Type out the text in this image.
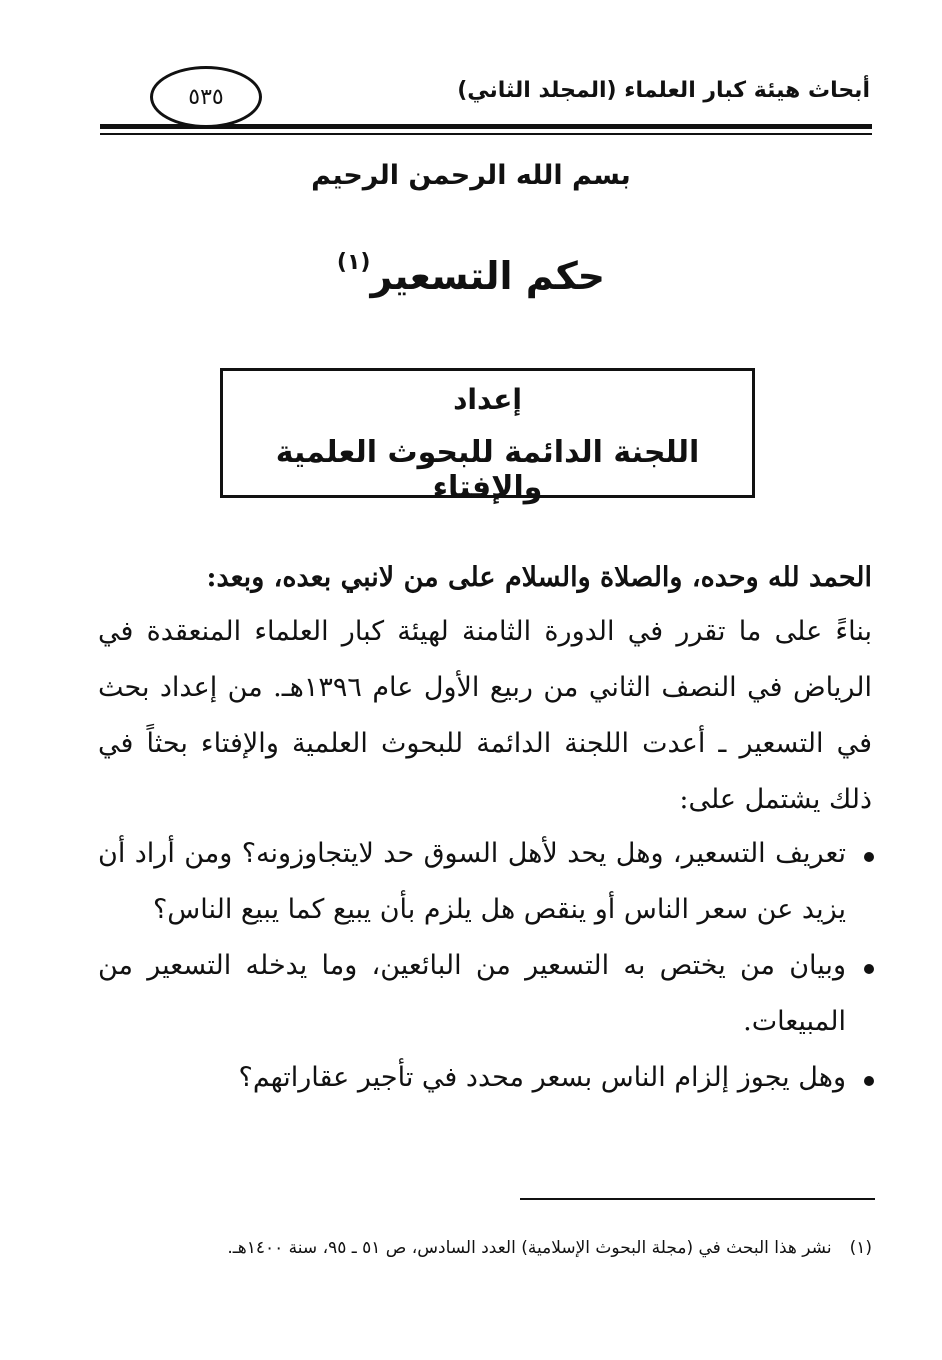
أبحاث هيئة كبار العلماء (المجلد الثاني)
٥٣٥
بسم الله الرحمن الرحيم
حكم التسعير$^{(١)}$
إعداد
اللجنة الدائمة للبحوث العلمية والإفتاء
الحمد لله وحده، والصلاة والسلام على من لانبي بعده، وبعد:
بناءً على ما تقرر في الدورة الثامنة لهيئة كبار العلماء المنعقدة في الرياض في النصف الثاني من ربيع الأول عام ١٣٩٦هـ. من إعداد بحث في التسعير ـ أعدت اللجنة الدائمة للبحوث العلمية والإفتاء بحثاً في ذلك يشتمل على:
تعريف التسعير، وهل يحد لأهل السوق حد لايتجاوزونه؟ ومن أراد أن يزيد عن سعر الناس أو ينقص هل يلزم بأن يبيع كما يبيع الناس؟
وبيان من يختص به التسعير من البائعين، وما يدخله التسعير من المبيعات.
وهل يجوز إلزام الناس بسعر محدد في تأجير عقاراتهم؟
(١)نشر هذا البحث في (مجلة البحوث الإسلامية) العدد السادس، ص ٥١ ـ ٩٥، سنة ١٤٠٠هـ.
